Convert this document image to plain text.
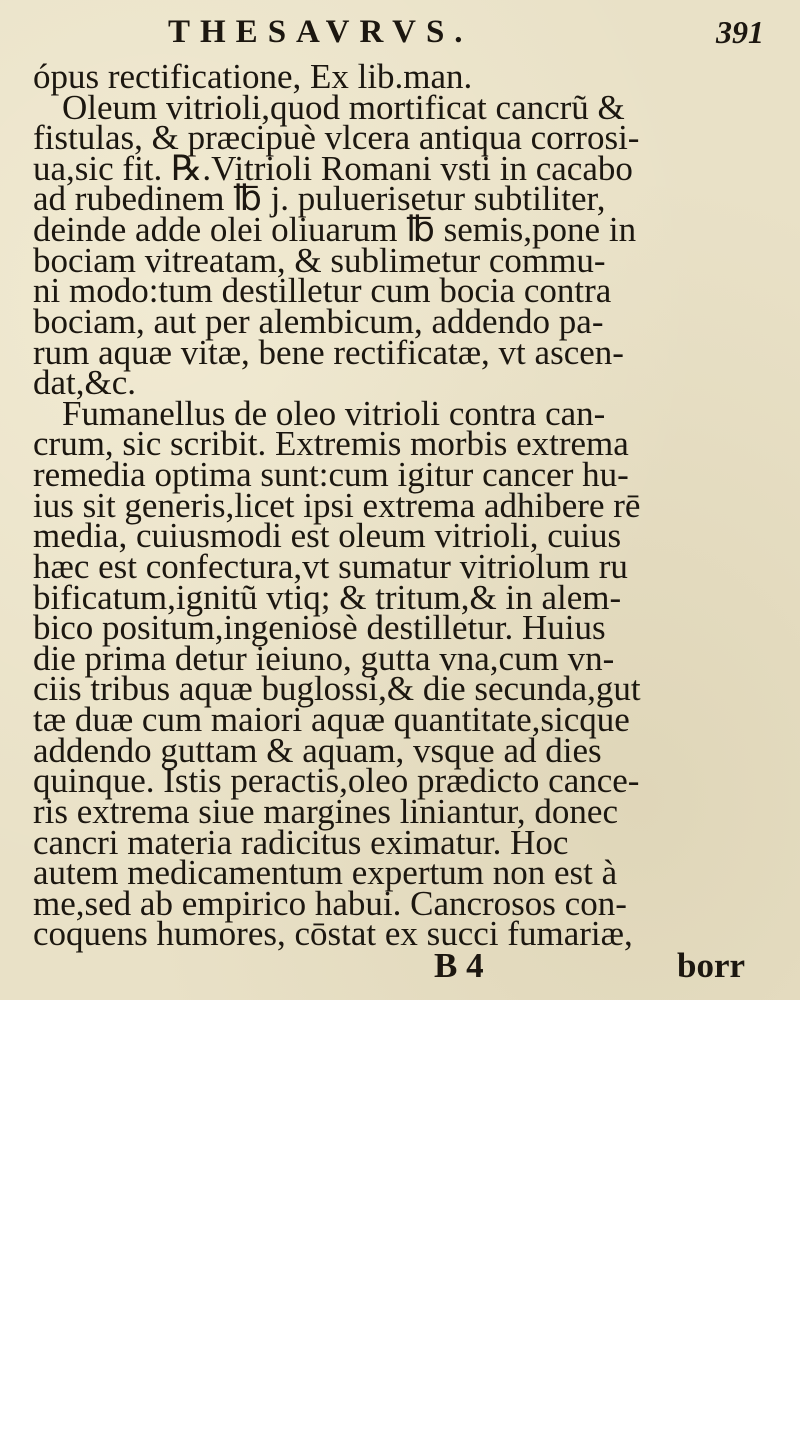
THESAVRVS.	391
ópus rectificatione, Ex lib.man.
Oleum vitrioli,quod mortificat cancrũ &
fistulas, & præcipuè vlcera antiqua corrosi-
ua,sic fit. ℞.Vitrioli Romani vsti in cacabo
ad rubedinem ℔ j. puluerisetur subtiliter,
deinde adde olei oliuarum ℔ semis,pone in
bociam vitreatam, & sublimetur commu-
ni modo:tum destilletur cum bocia contra
bociam, aut per alembicum, addendo pa-
rum aquæ vitæ, bene rectificatæ, vt ascen-
dat,&c.
Fumanellus de oleo vitrioli contra can-
crum, sic scribit. Extremis morbis extrema
remedia optima sunt:cum igitur cancer hu-
ius sit generis,licet ipsi extrema adhibere rē
media, cuiusmodi est oleum vitrioli, cuius
hæc est confectura,vt sumatur vitriolum ru
bificatum,ignitũ vtiq; & tritum,& in alem-
bico positum,ingeniosè destilletur. Huius
die prima detur ieiuno, gutta vna,cum vn-
ciis tribus aquæ buglossi,& die secunda,gut
tæ duæ cum maiori aquæ quantitate,sicque
addendo guttam & aquam, vsque ad dies
quinque. Istis peractis,oleo prædicto cance-
ris extrema siue margines liniantur, donec
cancri materia radicitus eximatur. Hoc
autem medicamentum expertum non est à
me,sed ab empirico habui. Cancrosos con-
coquens humores, cōstat ex succi fumariæ,
B 4	borr
